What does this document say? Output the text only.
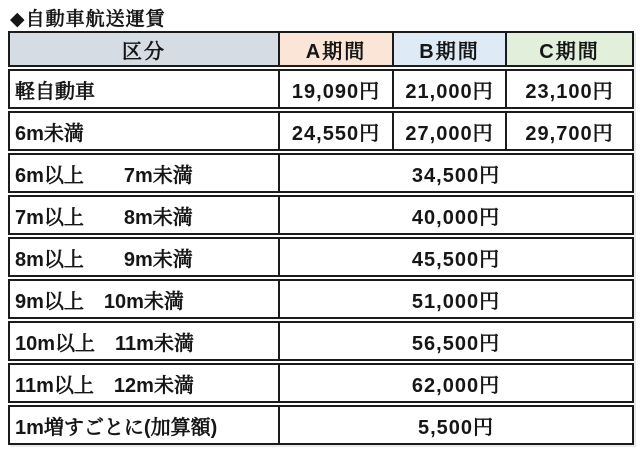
◆自動車航送運賃
区分	A期間	B期間	C期間
軽自動車	19,090円	21,000円	23,100円
6m未満	24,550円	27,000円	29,700円
6m以上　　7m未満	34,500円
7m以上　　8m未満	40,000円
8m以上　　9m未満	45,500円
9m以上　10m未満	51,000円
10m以上　11m未満	56,500円
11m以上　12m未満	62,000円
1m増すごとに(加算額)	5,500円
